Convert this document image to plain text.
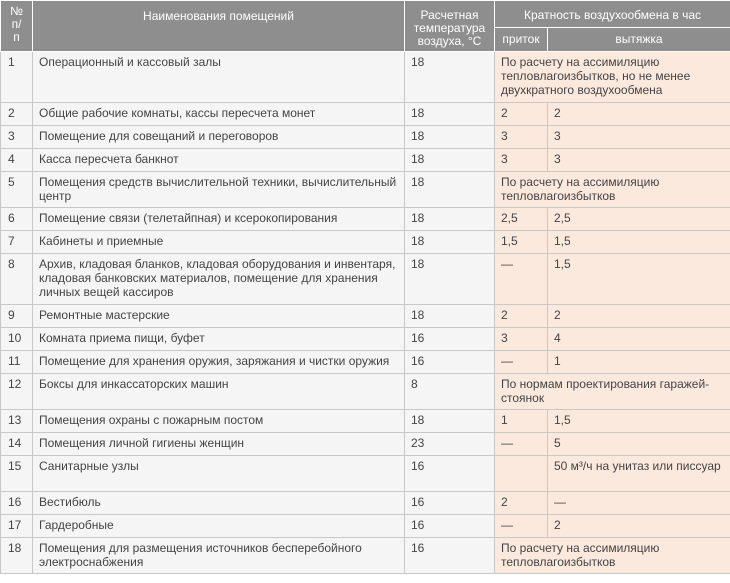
№
п/
п	Наименования помещений	Расчетная
температура
воздуха, °С	Кратность воздухообмена в час	
			приток	вытяжка
1	Операционный и кассовый залы	18	По расчету на ассимиляцию тепловлагоизбытков, но не менее двухкратного воздухообмена	
2	Общие рабочие комнаты, кассы пересчета монет	18	2	2
3	Помещение для совещаний и переговоров	18	3	3
4	Касса пересчета банкнот	18	3	3
5	Помещения средств вычислительной техники, вычислительный центр	18	По расчету на ассимиляцию тепловлагоизбытков	
6	Помещение связи (телетайпная) и ксерокопирования	18	2,5	2,5
7	Кабинеты и приемные	18	1,5	1,5
8	Архив, кладовая бланков, кладовая оборудования и инвентаря, кладовая банковских материалов, помещение для хранения личных вещей кассиров	18	—	1,5
9	Ремонтные мастерские	18	2	2
10	Комната приема пищи, буфет	16	3	4
11	Помещение для хранения оружия, заряжания и чистки оружия	16	—	1
12	Боксы для инкассаторских машин	8	По нормам проектирования гаражей-стоянок	
13	Помещения охраны с пожарным постом	18	1	1,5
14	Помещения личной гигиены женщин	23	—	5
15	Санитарные узлы	16		50 м³/ч на унитаз или писсуар
16	Вестибюль	16	2	—
17	Гардеробные	16	—	2
18	Помещения для размещения источников бесперебойного электроснабжения	16	По расчету на ассимиляцию тепловлагоизбытков	
